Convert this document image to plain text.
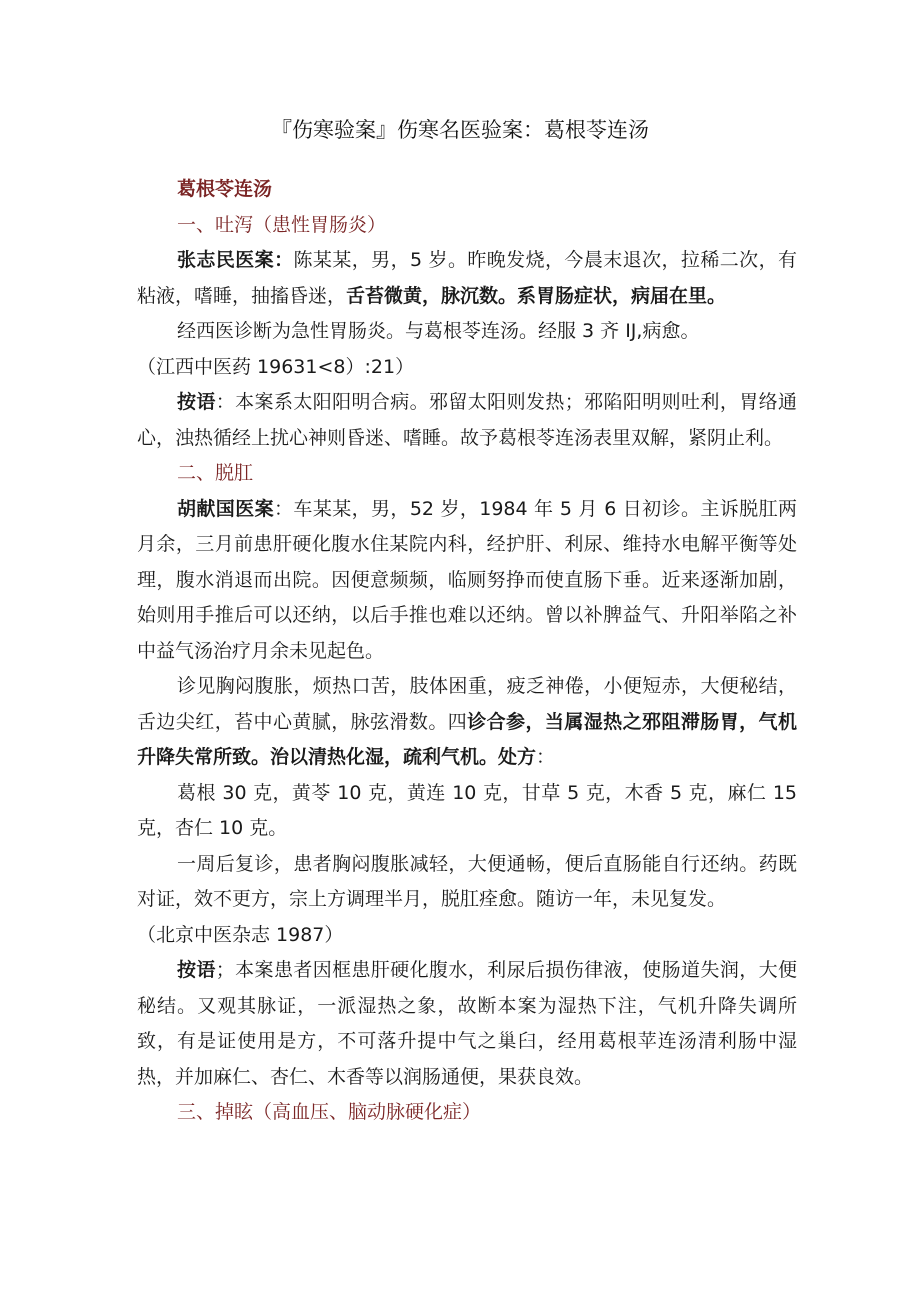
『伤寒验案』伤寒名医验案：葛根苓连汤

葛根苓连汤

一、吐泻（患性胃肠炎）

张志民医案：陈某某，男，5 岁。昨晚发烧，今晨末退次，拉稀二次，有粘液，嗜睡，抽搐昏迷，舌苔微黄，脉沉数。系胃肠症状，病届在里。

经西医诊断为急性胃肠炎。与葛根苓连汤。经服 3 齐 IJ,病愈。

（江西中医药 19631<8）:21）

按语：本案系太阳阳明合病。邪留太阳则发热；邪陷阳明则吐利，胃络通心，浊热循经上扰心神则昏迷、嗜睡。故予葛根苓连汤表里双解，紧阴止利。

二、脱肛

胡献国医案：车某某，男，52 岁，1984 年 5 月 6 日初诊。主诉脱肛两月余，三月前患肝硬化腹水住某院内科，经护肝、利尿、维持水电解平衡等处理，腹水消退而出院。因便意频频，临厕努挣而使直肠下垂。近来逐渐加剧，始则用手推后可以还纳，以后手推也难以还纳。曾以补脾益气、升阳举陷之补中益气汤治疗月余未见起色。

诊见胸闷腹胀，烦热口苦，肢体困重，疲乏神倦，小便短赤，大便秘结，舌边尖红，苔中心黄腻，脉弦滑数。四诊合参，当属湿热之邪阻滞肠胃，气机升降失常所致。治以清热化湿，疏利气机。处方：

葛根 30 克，黄苓 10 克，黄连 10 克，甘草 5 克，木香 5 克，麻仁 15 克，杏仁 10 克。

一周后复诊，患者胸闷腹胀减轻，大便通畅，便后直肠能自行还纳。药既对证，效不更方，宗上方调理半月，脱肛痊愈。随访一年，未见复发。

（北京中医杂志 1987）

按语；本案患者因框患肝硬化腹水，利尿后损伤律液，使肠道失润，大便秘结。又观其脉证，一派湿热之象，故断本案为湿热下注，气机升降失调所致，有是证使用是方，不可落升提中气之巢臼，经用葛根苹连汤清利肠中湿热，并加麻仁、杏仁、木香等以润肠通便，果获良效。

三、掉眩（高血压、脑动脉硬化症）
